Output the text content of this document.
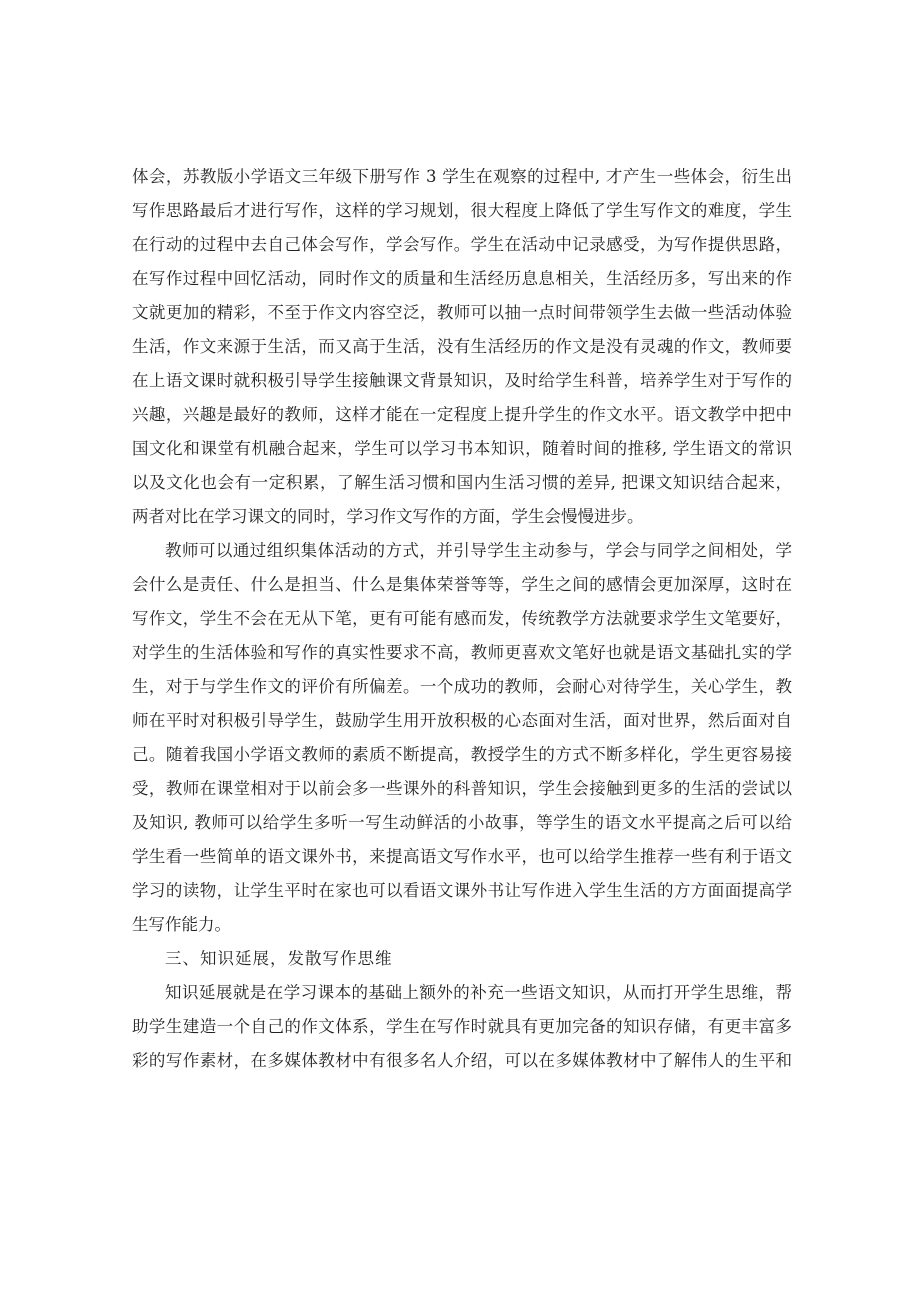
体会，苏教版小学语文三年级下册写作 3 学生在观察的过程中, 才产生一些体会，衍生出
写作思路最后才进行写作，这样的学习规划，很大程度上降低了学生写作文的难度，学生
在行动的过程中去自己体会写作，学会写作。学生在活动中记录感受，为写作提供思路，
在写作过程中回忆活动，同时作文的质量和生活经历息息相关，生活经历多，写出来的作
文就更加的精彩，不至于作文内容空泛，教师可以抽一点时间带领学生去做一些活动体验
生活，作文来源于生活，而又高于生活，没有生活经历的作文是没有灵魂的作文，教师要
在上语文课时就积极引导学生接触课文背景知识，及时给学生科普，培养学生对于写作的
兴趣，兴趣是最好的教师，这样才能在一定程度上提升学生的作文水平。语文教学中把中
国文化和课堂有机融合起来，学生可以学习书本知识，随着时间的推移, 学生语文的常识
以及文化也会有一定积累，了解生活习惯和国内生活习惯的差异, 把课文知识结合起来，
两者对比在学习课文的同时，学习作文写作的方面，学生会慢慢进步。
教师可以通过组织集体活动的方式，并引导学生主动参与，学会与同学之间相处，学
会什么是责任、什么是担当、什么是集体荣誉等等，学生之间的感情会更加深厚，这时在
写作文，学生不会在无从下笔，更有可能有感而发，传统教学方法就要求学生文笔要好，
对学生的生活体验和写作的真实性要求不高，教师更喜欢文笔好也就是语文基础扎实的学
生，对于与学生作文的评价有所偏差。一个成功的教师，会耐心对待学生，关心学生，教
师在平时对积极引导学生，鼓励学生用开放积极的心态面对生活，面对世界，然后面对自
己。随着我国小学语文教师的素质不断提高，教授学生的方式不断多样化，学生更容易接
受，教师在课堂相对于以前会多一些课外的科普知识，学生会接触到更多的生活的尝试以
及知识, 教师可以给学生多听一写生动鲜活的小故事，等学生的语文水平提高之后可以给
学生看一些简单的语文课外书，来提高语文写作水平，也可以给学生推荐一些有利于语文
学习的读物，让学生平时在家也可以看语文课外书让写作进入学生生活的方方面面提高学
生写作能力。
三、知识延展，发散写作思维
知识延展就是在学习课本的基础上额外的补充一些语文知识，从而打开学生思维，帮
助学生建造一个自己的作文体系，学生在写作时就具有更加完备的知识存储，有更丰富多
彩的写作素材，在多媒体教材中有很多名人介绍，可以在多媒体教材中了解伟人的生平和
